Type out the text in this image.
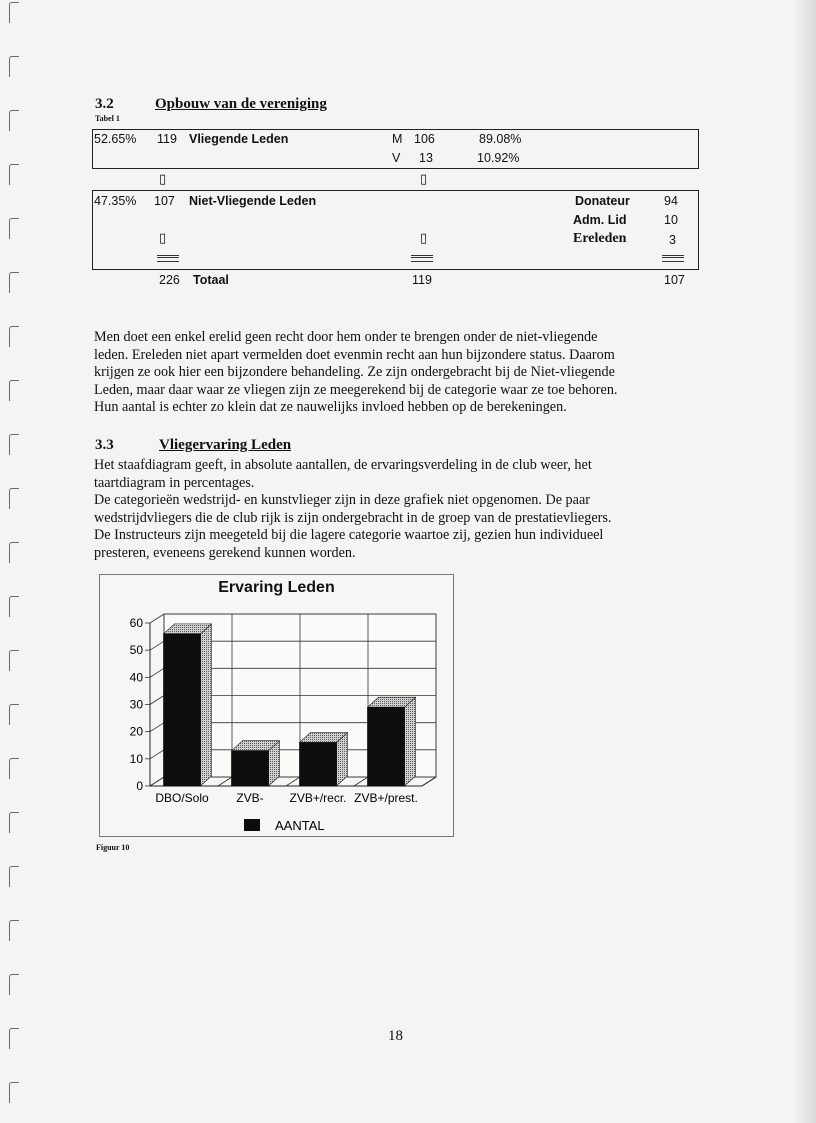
3.2	Opbouw van de vereniging
Tabel 1
52.65% 119 Vliegende Leden	M 106	89.08%
V 13	10.92%
▯	▯
47.35% 107 Niet-Vliegende Leden	Donateur	94
Adm. Lid	10
Ereleden	3
▯	▯
226 Totaal	119	107
Men doet een enkel erelid geen recht door hem onder te brengen onder de niet-vliegende
leden. Ereleden niet apart vermelden doet evenmin recht aan hun bijzondere status. Daarom
krijgen ze ook hier een bijzondere behandeling. Ze zijn ondergebracht bij de Niet-vliegende
Leden, maar daar waar ze vliegen zijn ze meegerekend bij de categorie waar ze toe behoren.
Hun aantal is echter zo klein dat ze nauwelijks invloed hebben op de berekeningen.
3.3	Vliegervaring Leden
Het staafdiagram geeft, in absolute aantallen, de ervaringsverdeling in de club weer, het
taartdiagram in percentages.
De categorieën wedstrijd- en kunstvlieger zijn in deze grafiek niet opgenomen. De paar
wedstrijdvliegers die de club rijk is zijn ondergebracht in de groep van de prestatievliegers.
De Instructeurs zijn meegeteld bij die lagere categorie waartoe zij, gezien hun individueel
presteren, eveneens gerekend kunnen worden.
Ervaring Leden
0
10
20
30
40
50
60
DBO/Solo ZVB- ZVB+/recr. ZVB+/prest.
AANTAL
Figuur 10
18
